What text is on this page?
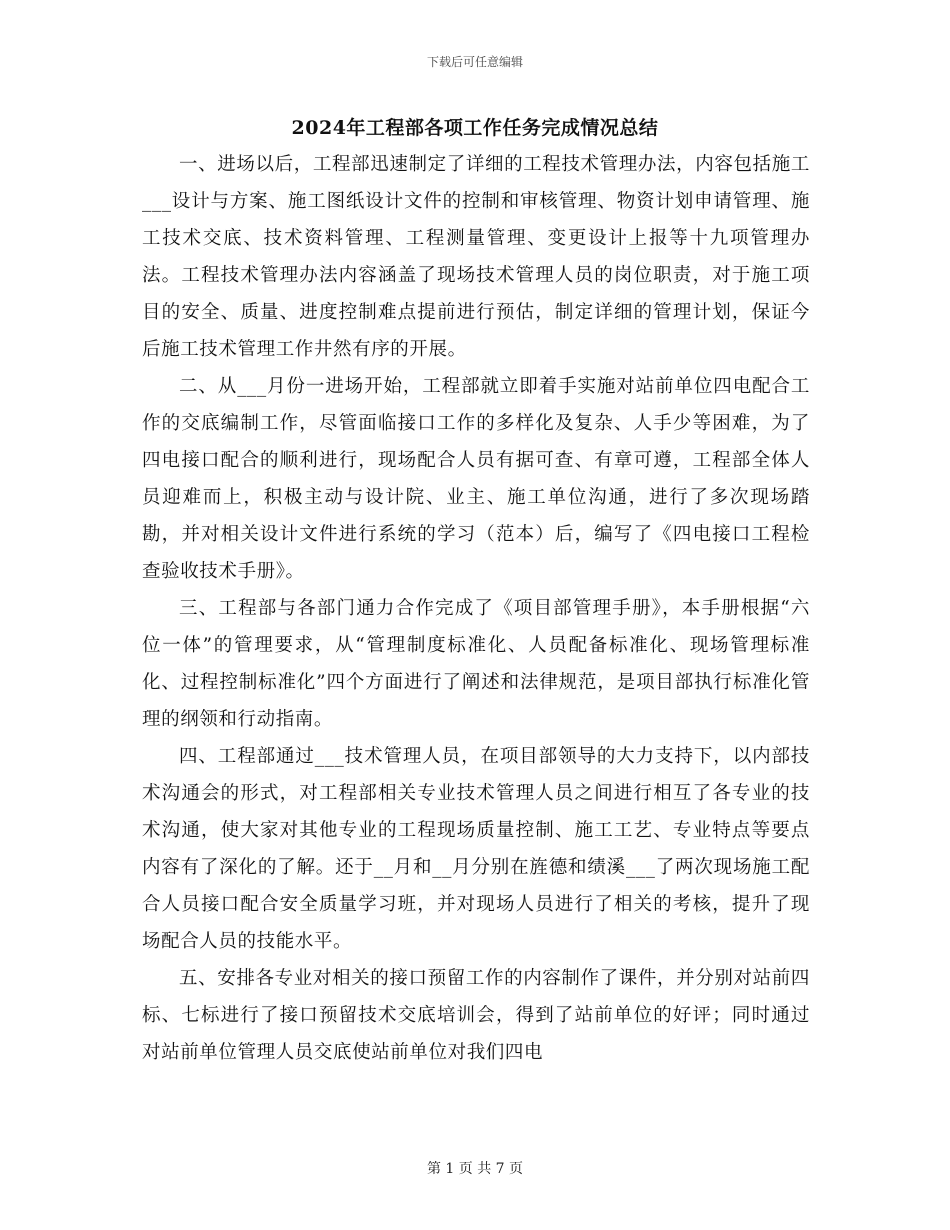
下载后可任意编辑
2024年工程部各项工作任务完成情况总结

一、进场以后，工程部迅速制定了详细的工程技术管理办法，内容包括施工___设计与方案、施工图纸设计文件的控制和审核管理、物资计划申请管理、施工技术交底、技术资料管理、工程测量管理、变更设计上报等十九项管理办法。工程技术管理办法内容涵盖了现场技术管理人员的岗位职责，对于施工项目的安全、质量、进度控制难点提前进行预估，制定详细的管理计划，保证今后施工技术管理工作井然有序的开展。

二、从___月份一进场开始，工程部就立即着手实施对站前单位四电配合工作的交底编制工作，尽管面临接口工作的多样化及复杂、人手少等困难，为了四电接口配合的顺利进行，现场配合人员有据可查、有章可遵，工程部全体人员迎难而上，积极主动与设计院、业主、施工单位沟通，进行了多次现场踏勘，并对相关设计文件进行系统的学习（范本）后，编写了《四电接口工程检查验收技术手册》。

三、工程部与各部门通力合作完成了《项目部管理手册》，本手册根据“六位一体”的管理要求，从“管理制度标准化、人员配备标准化、现场管理标准化、过程控制标准化”四个方面进行了阐述和法律规范，是项目部执行标准化管理的纲领和行动指南。

四、工程部通过___技术管理人员，在项目部领导的大力支持下，以内部技术沟通会的形式，对工程部相关专业技术管理人员之间进行相互了各专业的技术沟通，使大家对其他专业的工程现场质量控制、施工工艺、专业特点等要点内容有了深化的了解。还于__月和__月分别在旌德和绩溪___了两次现场施工配合人员接口配合安全质量学习班，并对现场人员进行了相关的考核，提升了现场配合人员的技能水平。

五、安排各专业对相关的接口预留工作的内容制作了课件，并分别对站前四标、七标进行了接口预留技术交底培训会，得到了站前单位的好评；同时通过对站前单位管理人员交底使站前单位对我们四电

第 1 页 共 7 页
